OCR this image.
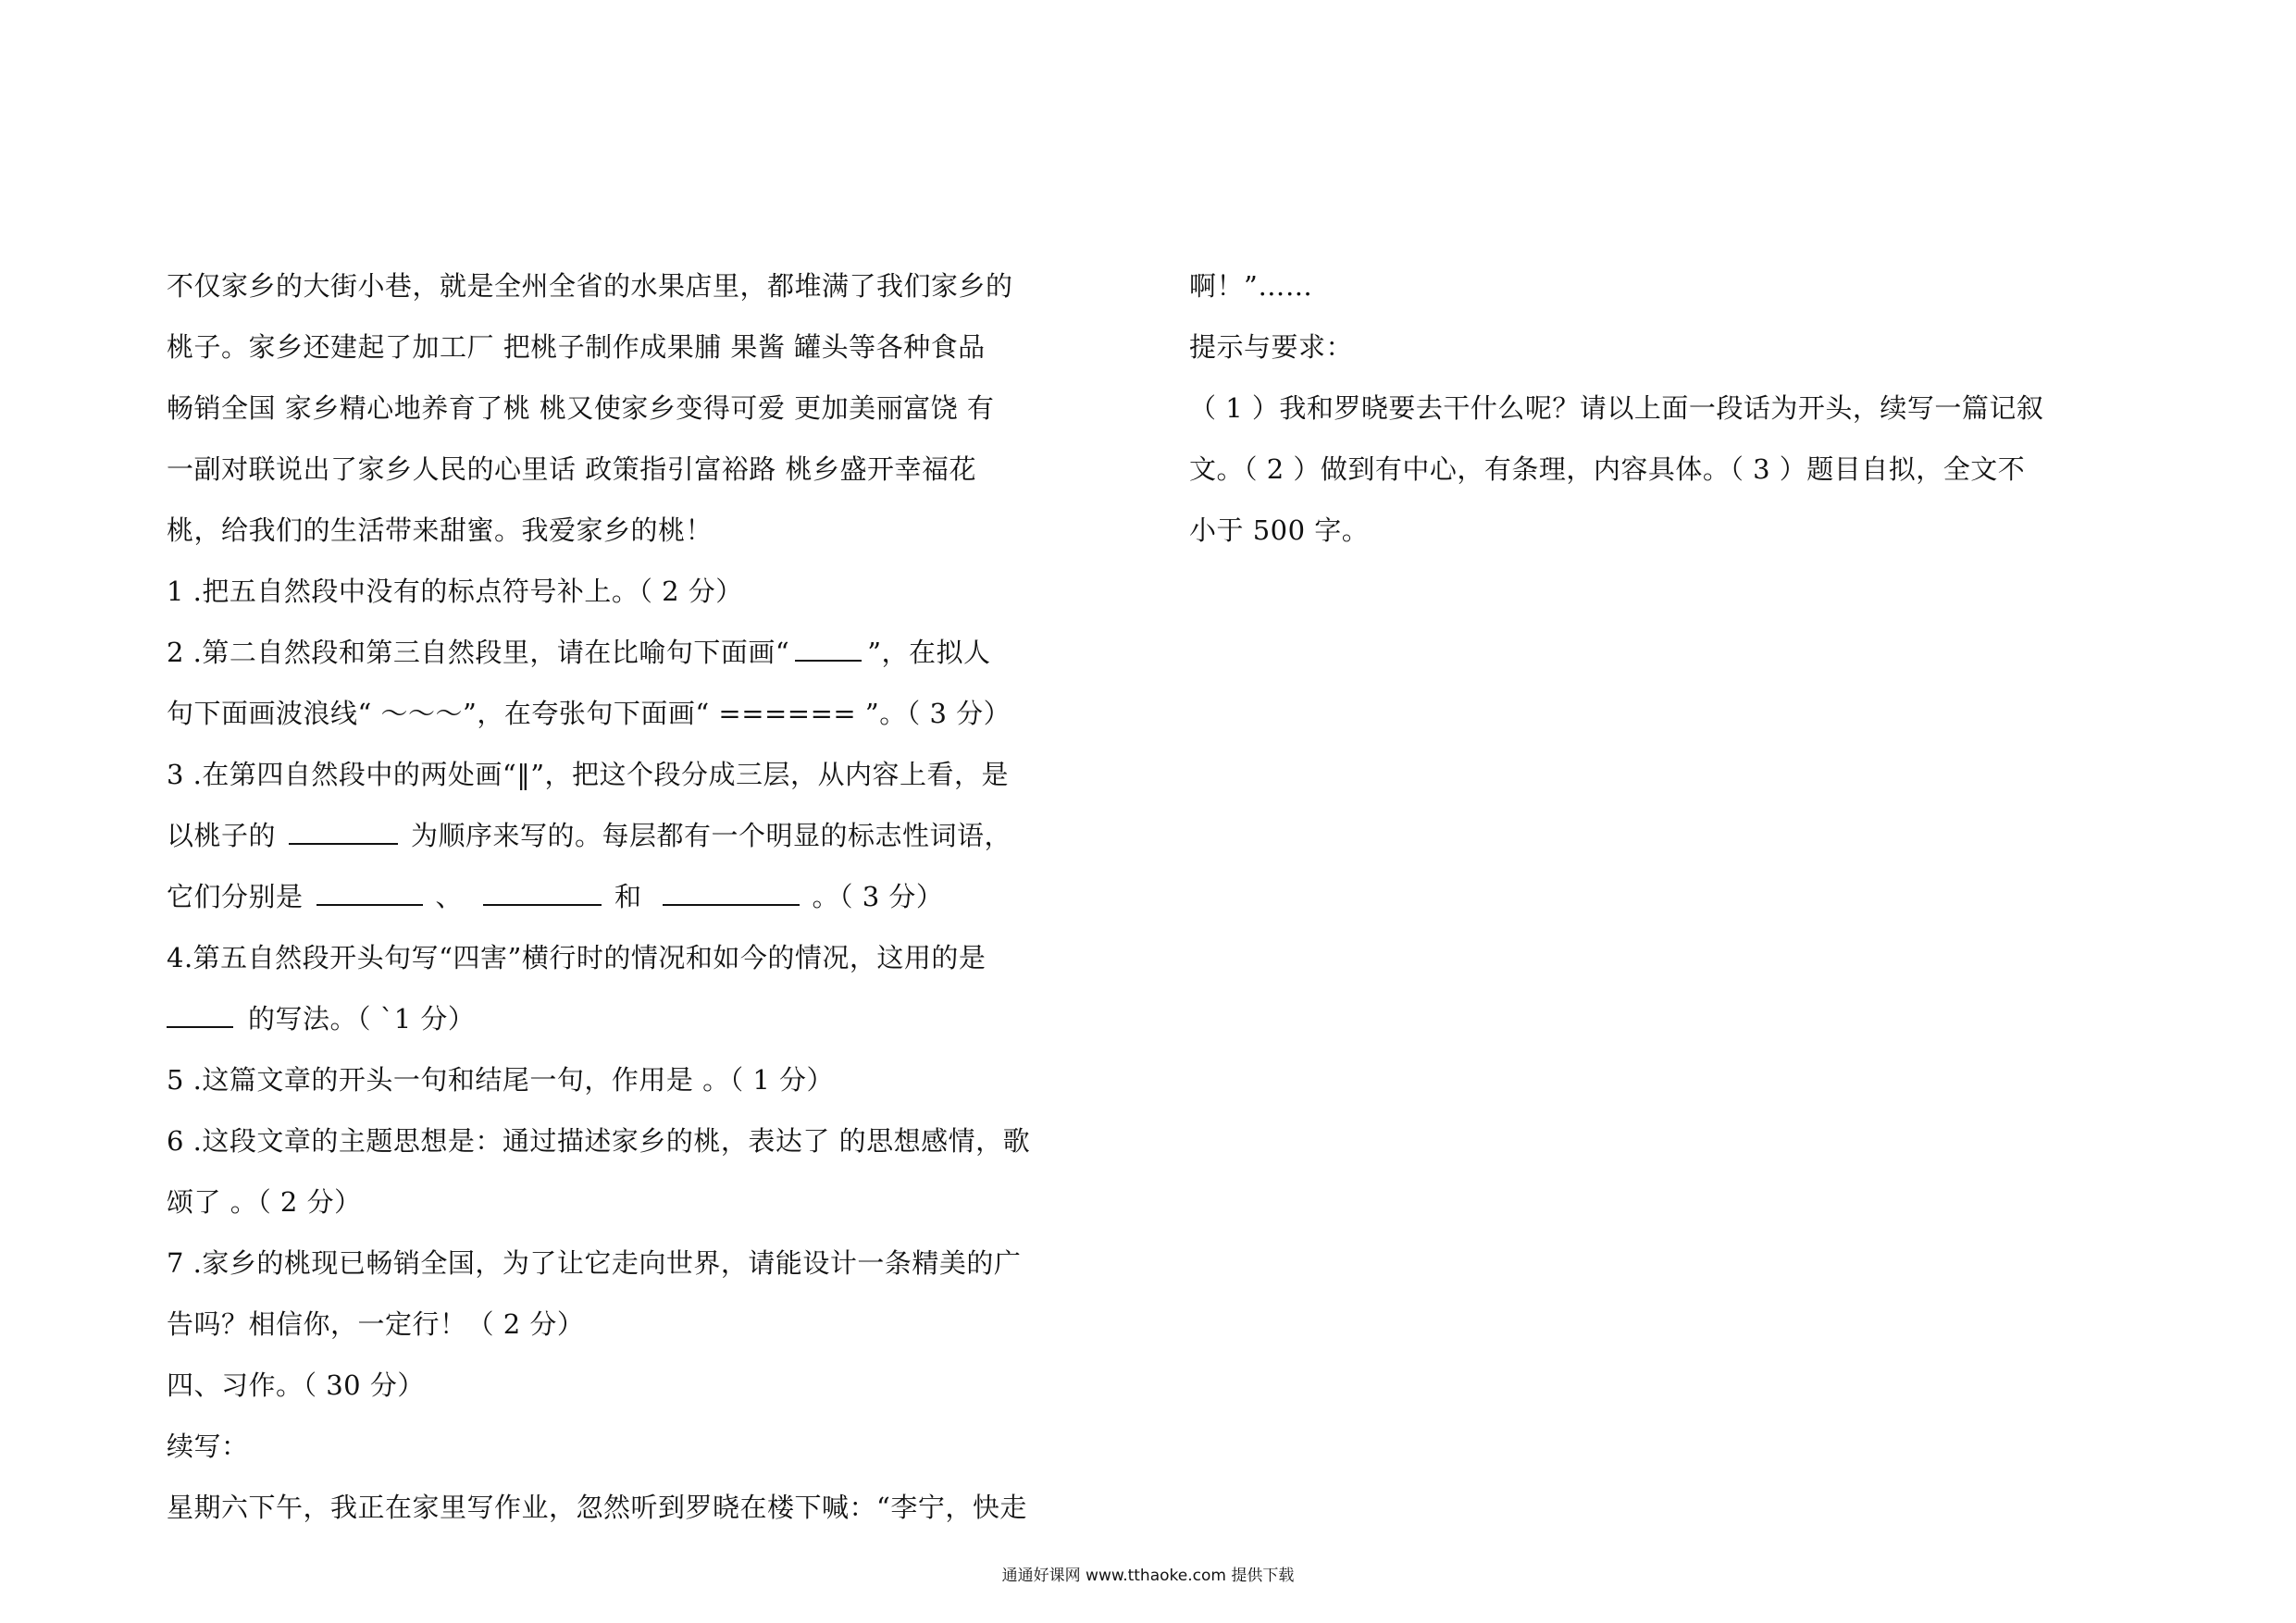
不仅家乡的大街小巷，就是全州全省的水果店里，都堆满了我们家乡的
桃子。家乡还建起了加工厂 把桃子制作成果脯 果酱 罐头等各种食品
畅销全国 家乡精心地养育了桃 桃又使家乡变得可爱 更加美丽富饶 有
一副对联说出了家乡人民的心里话 政策指引富裕路 桃乡盛开幸福花
桃，给我们的生活带来甜蜜。我爱家乡的桃！
1 .把五自然段中没有的标点符号补上。（ 2 分）
2 .第二自然段和第三自然段里，请在比喻句下面画“	”，在拟人
句下面画波浪线“ ～～～”，在夸张句下面画“ ====== ”。（ 3 分）
3 .在第四自然段中的两处画“‖”，把这个段分成三层，从内容上看，是
以桃子的	为顺序来写的。每层都有一个明显的标志性词语，
它们分别是	、	和	。（ 3 分）
4.第五自然段开头句写“四害”横行时的情况和如今的情况，这用的是
的写法。（ `1 分）
5 .这篇文章的开头一句和结尾一句，作用是 。（ 1 分）
6 .这段文章的主题思想是：通过描述家乡的桃，表达了 的思想感情，歌
颂了 。（ 2 分）
7 .家乡的桃现已畅销全国，为了让它走向世界，请能设计一条精美的广
告吗？相信你，一定行！（ 2 分）
四、习作。（ 30 分）
续写：
星期六下午，我正在家里写作业，忽然听到罗晓在楼下喊：“李宁，快走
啊！”……
提示与要求：
（ 1 ）我和罗晓要去干什么呢？请以上面一段话为开头，续写一篇记叙
文。（ 2 ）做到有中心，有条理，内容具体。（ 3 ）题目自拟，全文不
小于 500 字。
通通好课网 www.tthaoke.com 提供下载
